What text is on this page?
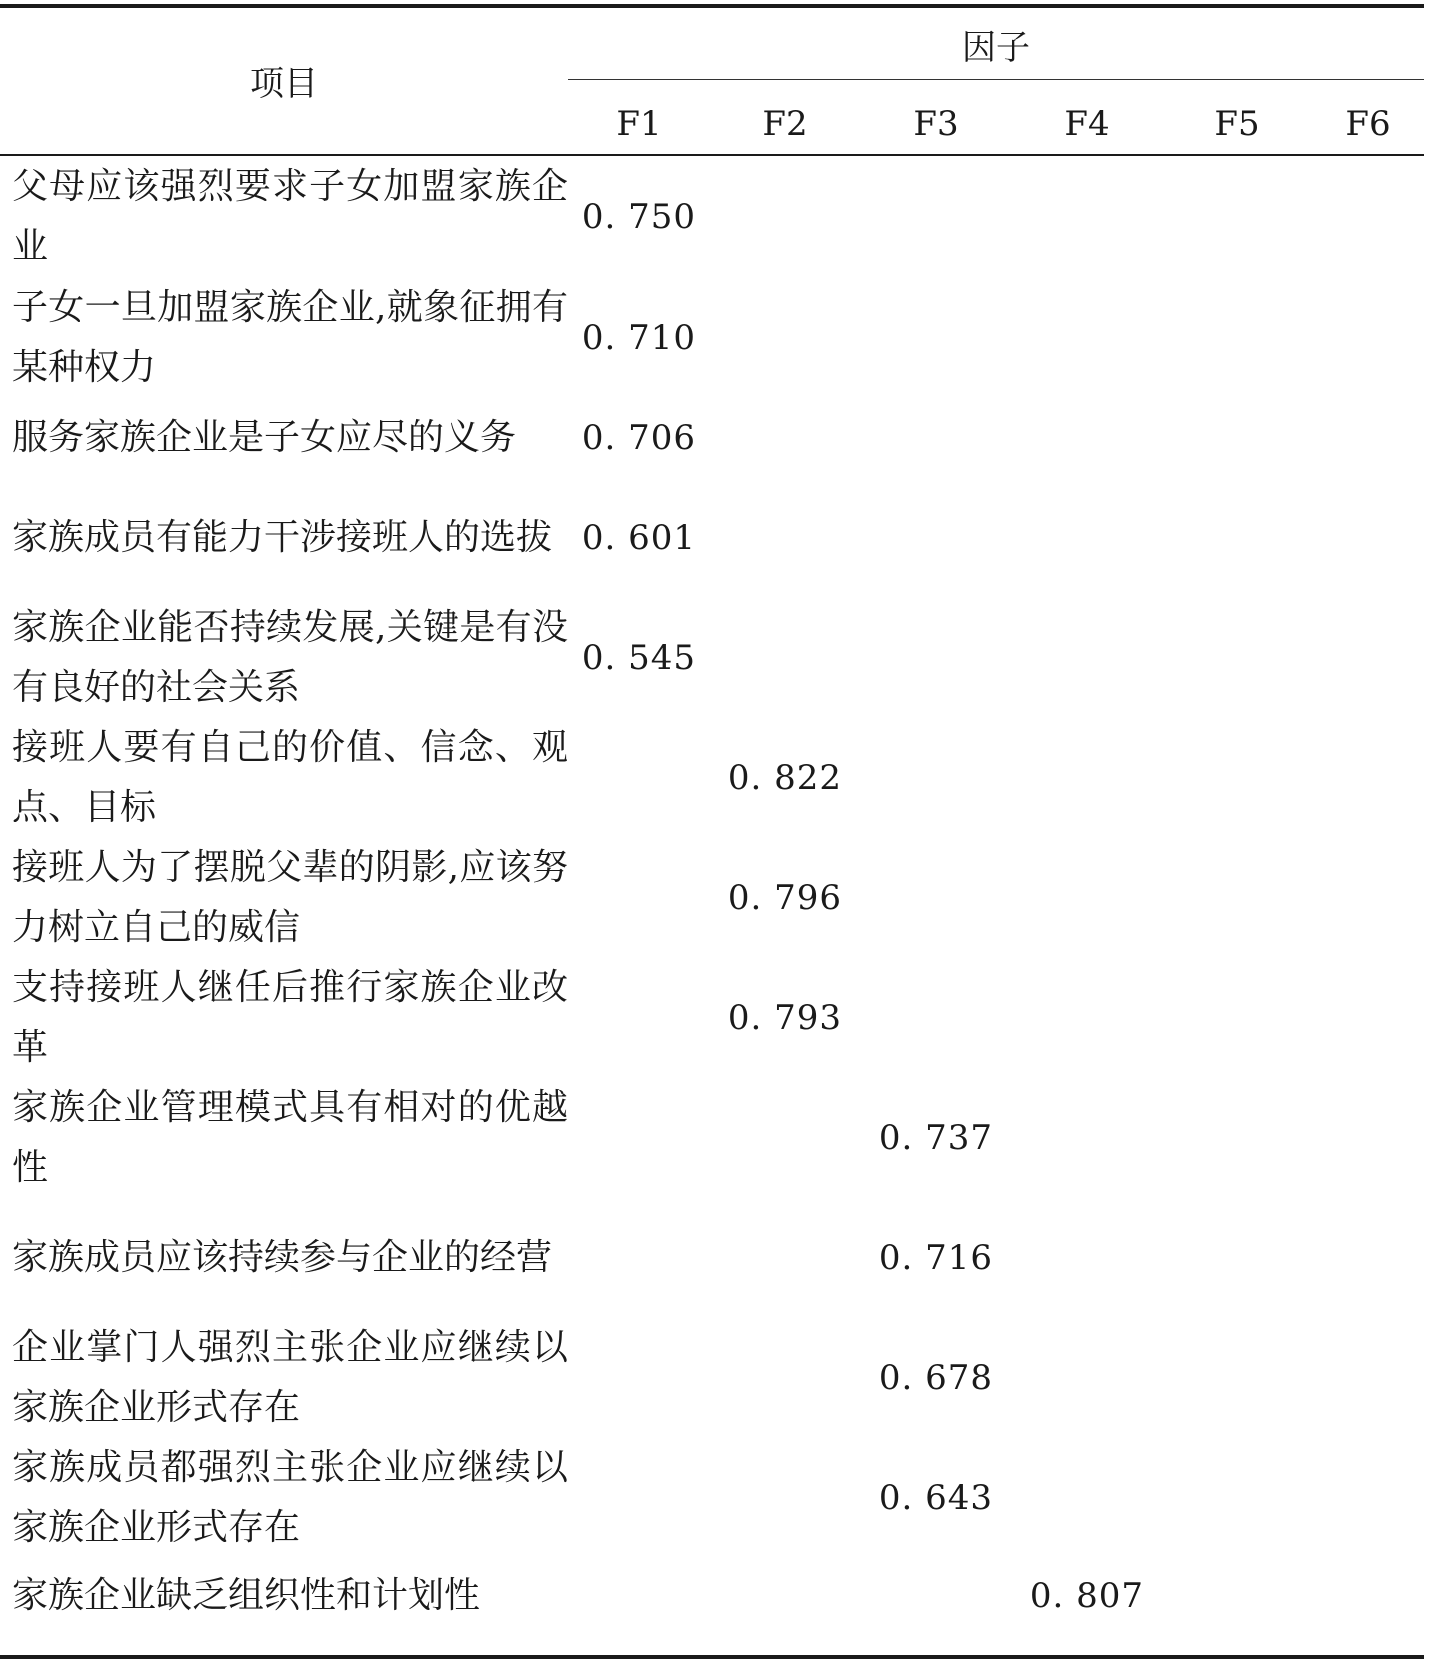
项目
因子
F1	F2	F3	F4	F5	F6
父母应该强烈要求子女加盟家族企业	0. 750					
子女一旦加盟家族企业,就象征拥有某种权力	0. 710					
服务家族企业是子女应尽的义务	0. 706					
家族成员有能力干涉接班人的选拔	0. 601					
家族企业能否持续发展,关键是有没有良好的社会关系	0. 545					
接班人要有自己的价值、信念、观点、目标		0. 822				
接班人为了摆脱父辈的阴影,应该努力树立自己的威信		0. 796				
支持接班人继任后推行家族企业改革		0. 793				
家族企业管理模式具有相对的优越性			0. 737			
家族成员应该持续参与企业的经营			0. 716			
企业掌门人强烈主张企业应继续以家族企业形式存在			0. 678			
家族成员都强烈主张企业应继续以家族企业形式存在			0. 643			
家族企业缺乏组织性和计划性				0. 807		
